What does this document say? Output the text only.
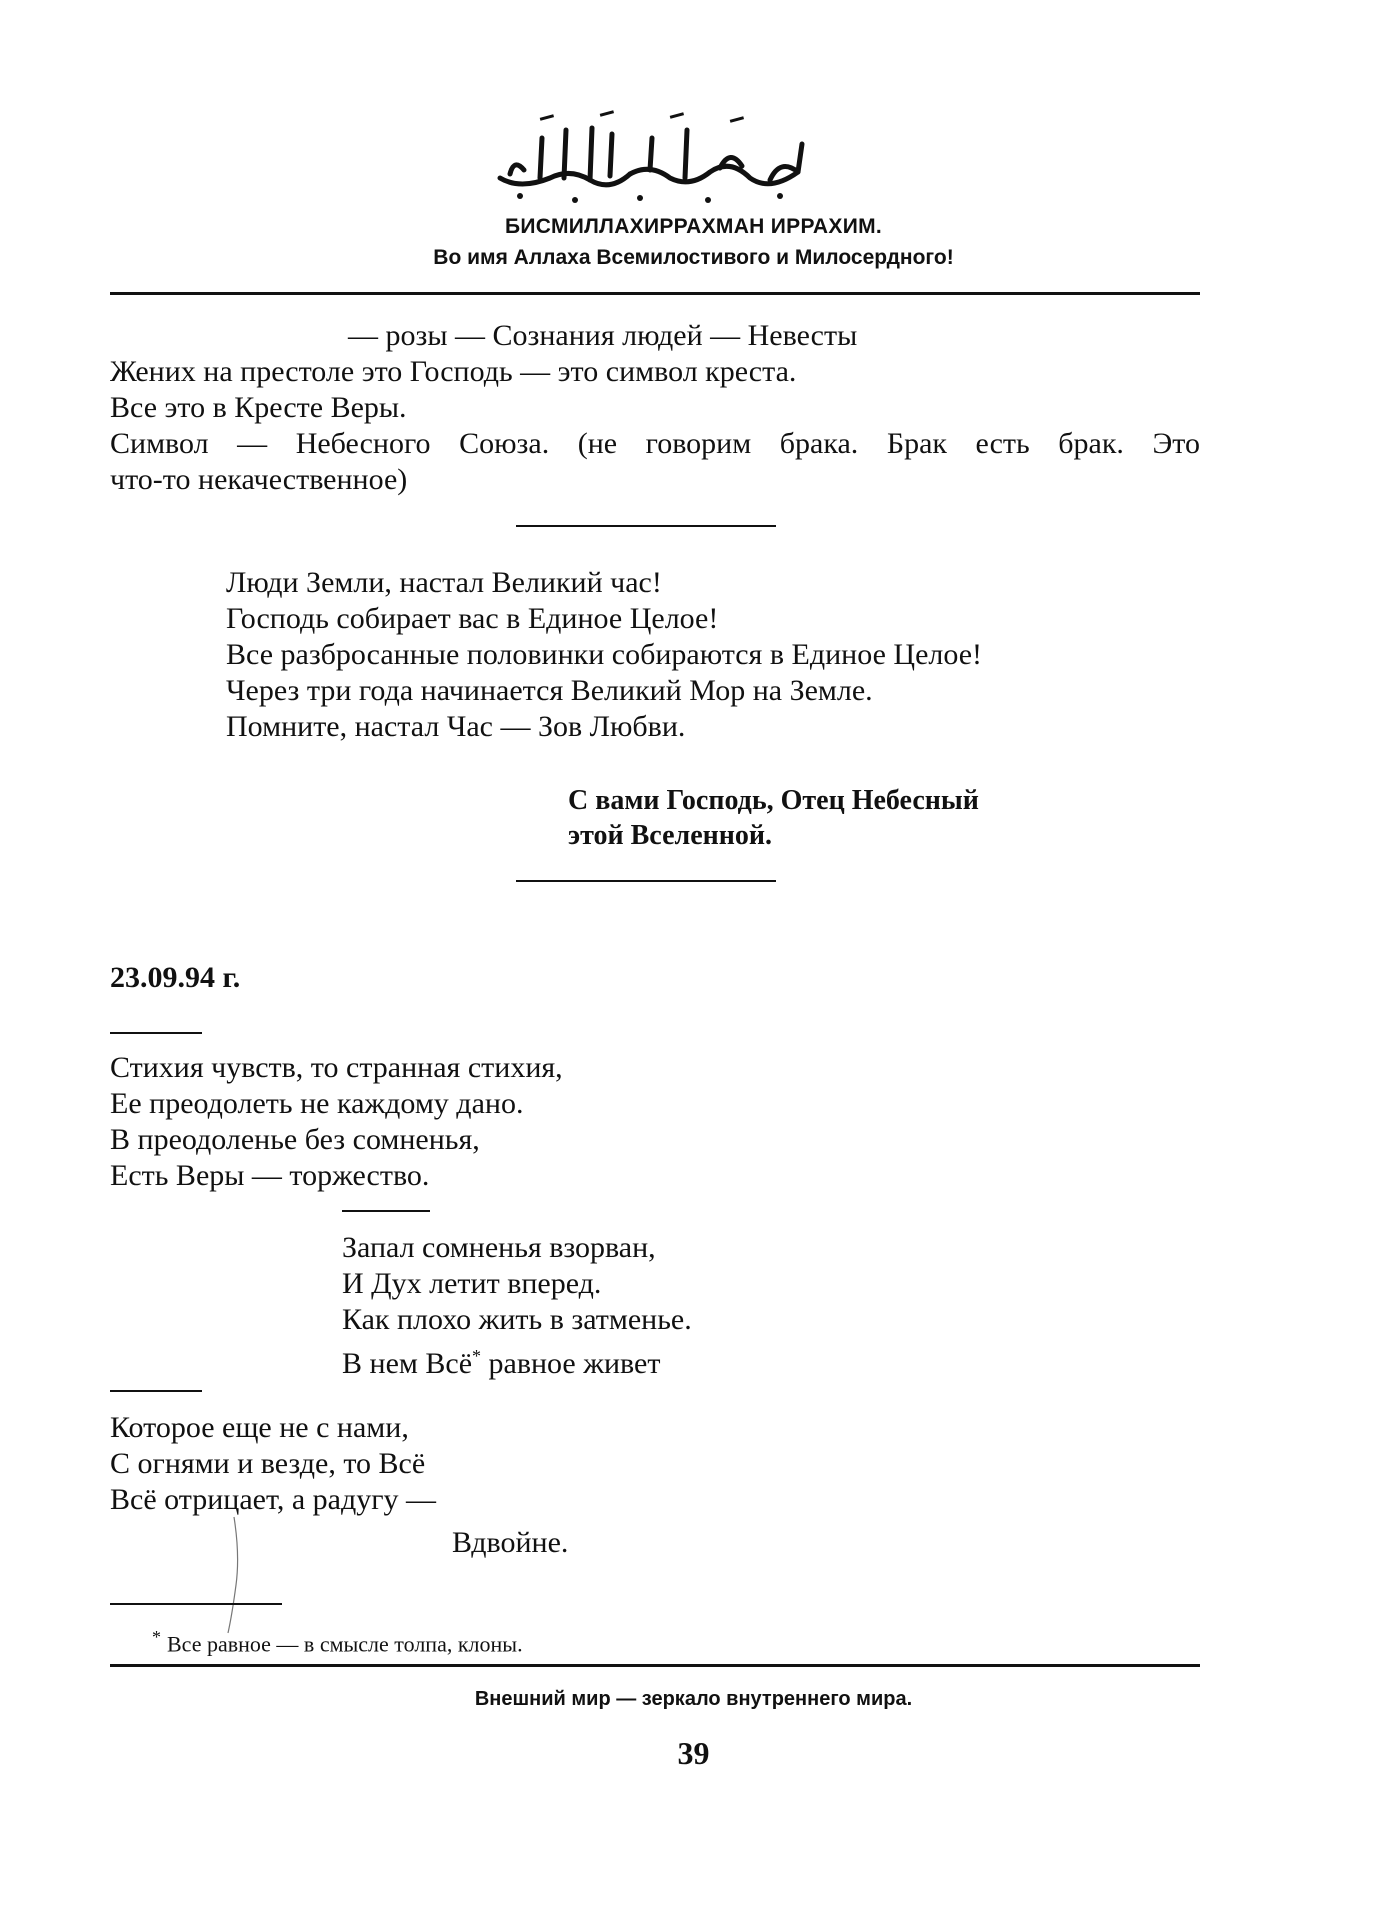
БИСМИЛЛАХИРРАХМАН ИРРАХИМ.
Во имя Аллаха Всемилостивого и Милосердного!
— розы — Сознания людей — Невесты
Жених на престоле это Господь — это символ креста.
Все это в Кресте Веры.
Символ — Небесного Союза. (не говорим брака. Брак есть брак. Это
что-то некачественное)
Люди Земли, настал Великий час!
Господь собирает вас в Единое Целое!
Все разбросанные половинки собираются в Единое Целое!
Через три года начинается Великий Мор на Земле.
Помните, настал Час — Зов Любви.
С вами Господь, Отец Небесный
этой Вселенной.
23.09.94 г.
Стихия чувств, то странная стихия,
Ее преодолеть не каждому дано.
В преодоленье без сомненья,
Есть Веры — торжество.
Запал сомненья взорван,
И Дух летит вперед.
Как плохо жить в затменье.
В нем Всё* равное живет
Которое еще не с нами,
С огнями и везде, то Всё
Всё отрицает, а радугу —
Вдвойне.
* Все равное — в смысле толпа, клоны.
Внешний мир — зеркало внутреннего мира.
39
